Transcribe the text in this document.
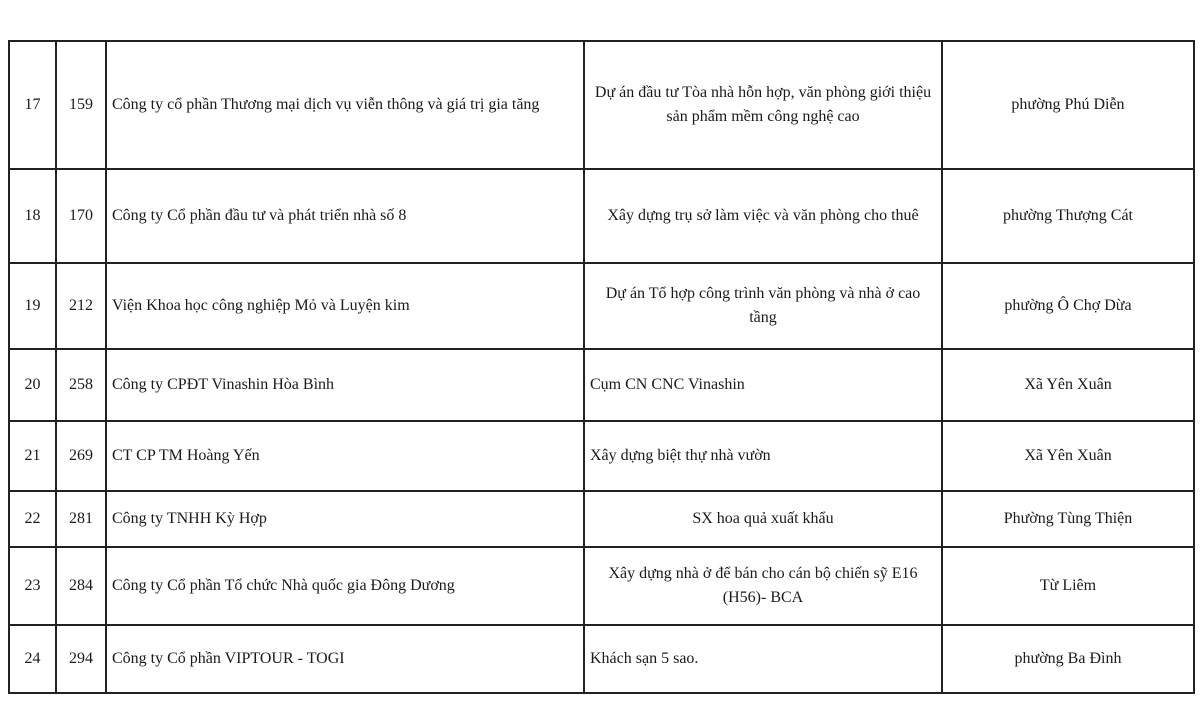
17	159	Công ty cổ phần Thương mại dịch vụ viễn thông và giá trị gia tăng	Dự án đầu tư Tòa nhà hỗn hợp, văn phòng giới thiệu sản phẩm mềm công nghệ cao	phường Phú Diễn
18	170	Công ty Cổ phần đầu tư và phát triển nhà số 8	Xây dựng trụ sở làm việc và văn phòng cho thuê	phường Thượng Cát
19	212	Viện Khoa học công nghiệp Mỏ và Luyện kim	Dự án Tổ hợp công trình văn phòng và nhà ở cao tầng	phường Ô Chợ Dừa
20	258	Công ty CPĐT Vinashin Hòa Bình	Cụm CN CNC Vinashin	Xã Yên Xuân
21	269	CT CP TM Hoàng Yến	Xây dựng biệt thự nhà vườn	Xã Yên Xuân
22	281	Công ty TNHH Kỳ Hợp	SX hoa quả xuất khẩu	Phường Tùng Thiện
23	284	Công ty Cổ phần Tổ chức Nhà quốc gia Đông Dương	Xây dựng nhà ở để bán cho cán bộ chiến sỹ E16 (H56)- BCA	Từ Liêm
24	294	Công ty Cổ phần VIPTOUR - TOGI	Khách sạn 5 sao.	phường Ba Đình
